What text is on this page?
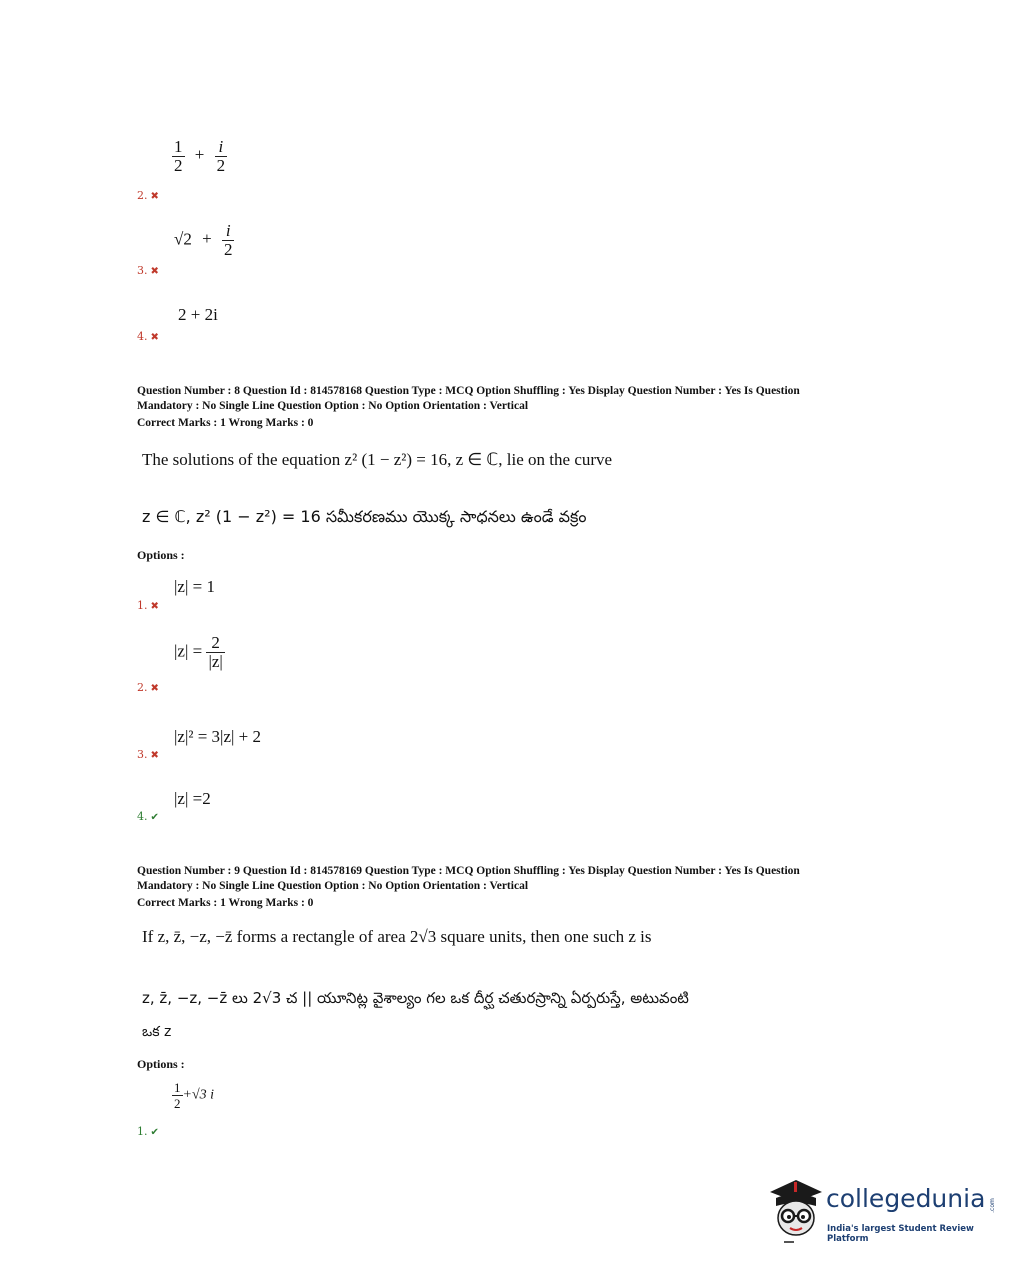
$\frac{1}{2} + \frac{i}{2}$
2. ✖
$√2 + \frac{i}{2}$
3. ✖
2 + 2i
4. ✖
Question Number : 8 Question Id : 814578168 Question Type : MCQ Option Shuffling : Yes Display Question Number : Yes Is Question
Mandatory : No Single Line Question Option : No Option Orientation : Vertical
Correct Marks : 1 Wrong Marks : 0
The solutions of the equation z² (1 − z²) = 16, z ∈ ℂ, lie on the curve
z ∈ ℂ, z² (1 − z²) = 16 సమీకరణము యొక్క సాధనలు ఉండే వక్రం
Options :
|z| = 1
1. ✖
$|z| = \frac{2}{|z|}$
2. ✖
|z|² = 3|z| + 2
3. ✖
|z| =2
4. ✔
Question Number : 9 Question Id : 814578169 Question Type : MCQ Option Shuffling : Yes Display Question Number : Yes Is Question
Mandatory : No Single Line Question Option : No Option Orientation : Vertical
Correct Marks : 1 Wrong Marks : 0
If z, z̄, −z, −z̄ forms a rectangle of area 2√3 square units, then one such z is
z, z̄, −z, −z̄ లు 2√3 చ || యూనిట్ల వైశాల్యం గల ఒక దీర్ఘ చతురస్రాన్ని ఏర్పరుస్తే, అటువంటి
ఒక z
Options :
$\frac{1}{2} +√3$ i
1. ✔
collegedunia .com
India's largest Student Review Platform
